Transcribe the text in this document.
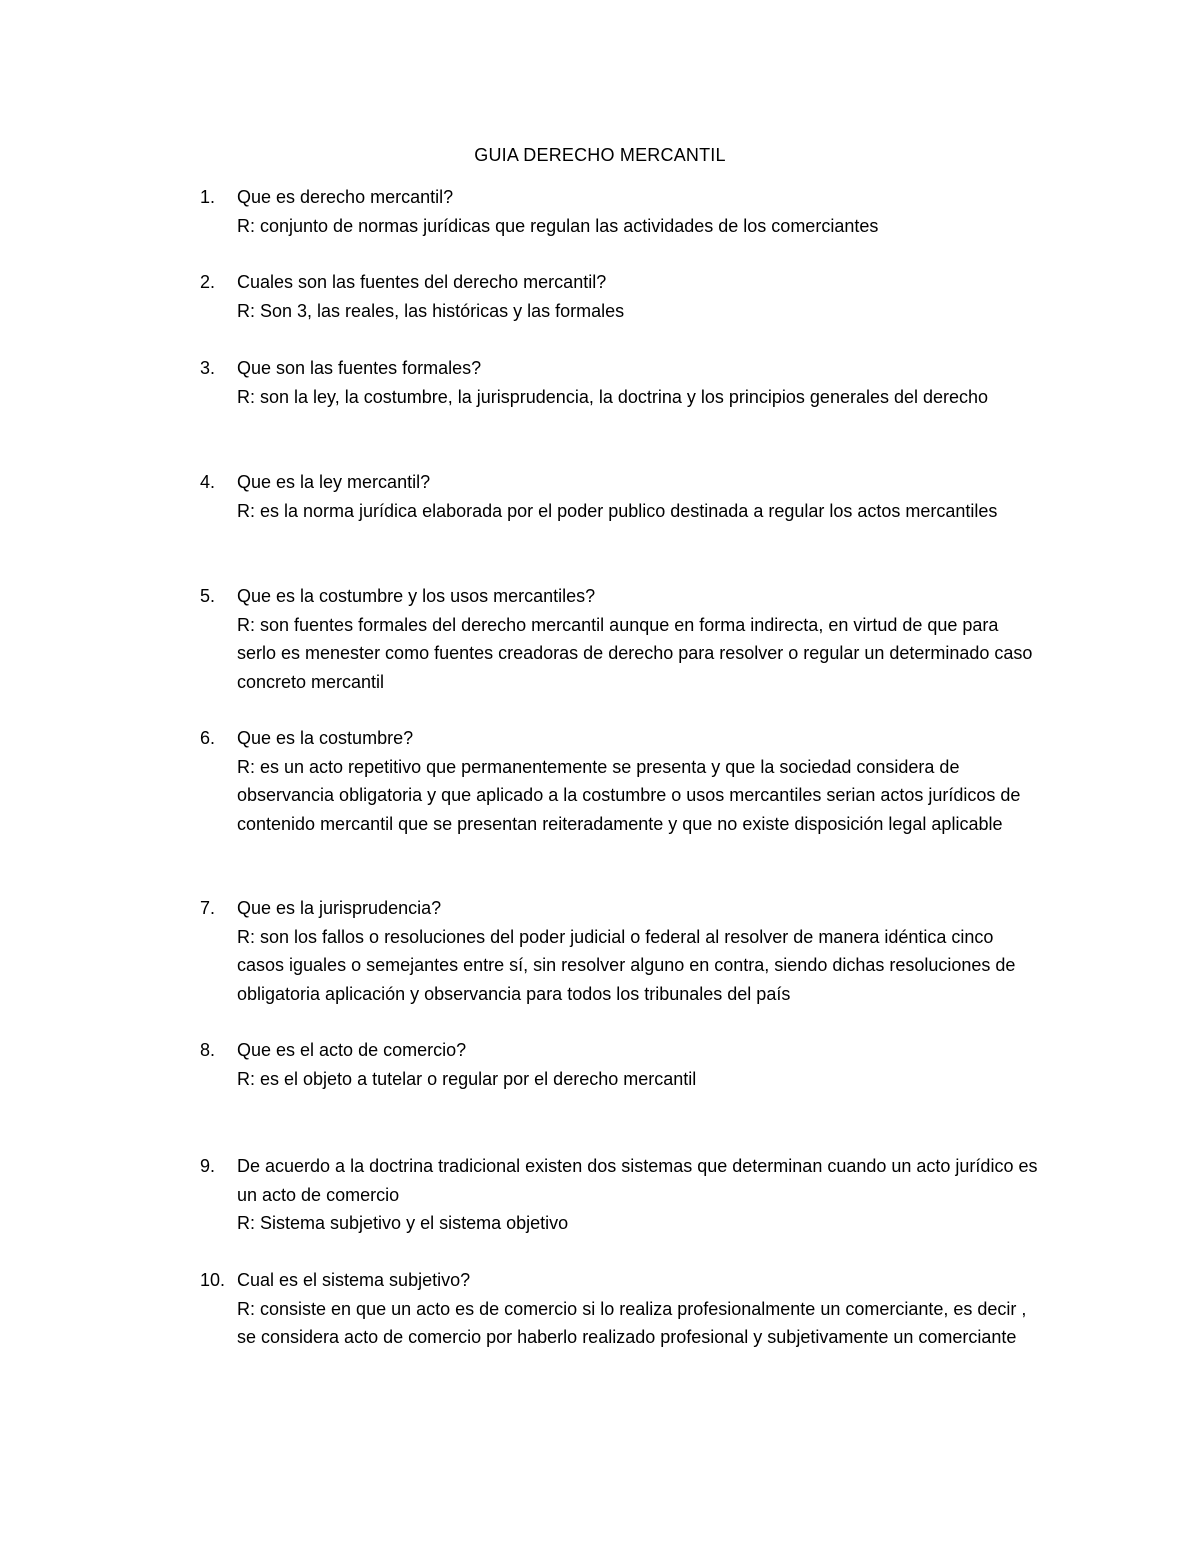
GUIA DERECHO MERCANTIL
1.	Que es derecho mercantil?
R: conjunto de normas jurídicas que regulan las actividades de los comerciantes
2.	Cuales son las fuentes del derecho mercantil?
R: Son 3, las reales, las históricas y las formales
3.	Que son las fuentes formales?
R: son la ley, la costumbre, la jurisprudencia, la doctrina y los principios generales del derecho
4.	Que es la ley mercantil?
R: es la norma jurídica elaborada por el poder publico destinada a regular los actos mercantiles
5.	Que es la costumbre y los usos mercantiles?
R: son fuentes formales del derecho mercantil aunque en forma indirecta, en virtud de que para serlo es menester como fuentes creadoras de derecho para resolver o regular un determinado caso concreto mercantil
6.	Que es la costumbre?
R: es un acto repetitivo que permanentemente se presenta y que la sociedad considera de observancia obligatoria y que aplicado a la costumbre o usos mercantiles serian actos jurídicos de contenido mercantil que se presentan reiteradamente y que no existe disposición legal aplicable
7.	Que es la jurisprudencia?
R: son los fallos o resoluciones del poder judicial o federal al resolver de manera idéntica cinco casos iguales o semejantes entre sí, sin resolver alguno en contra, siendo dichas resoluciones de obligatoria aplicación y observancia para todos los tribunales del país
8.	Que es el acto de comercio?
R: es el objeto a tutelar o regular por el derecho mercantil
9.	De acuerdo a la doctrina tradicional existen dos sistemas que determinan cuando un acto jurídico es un acto de comercio
R: Sistema subjetivo y el sistema objetivo
10. Cual es el sistema subjetivo?
R: consiste en que un acto es de comercio si lo realiza profesionalmente un comerciante, es decir , se considera acto de comercio por haberlo realizado profesional y subjetivamente un comerciante
